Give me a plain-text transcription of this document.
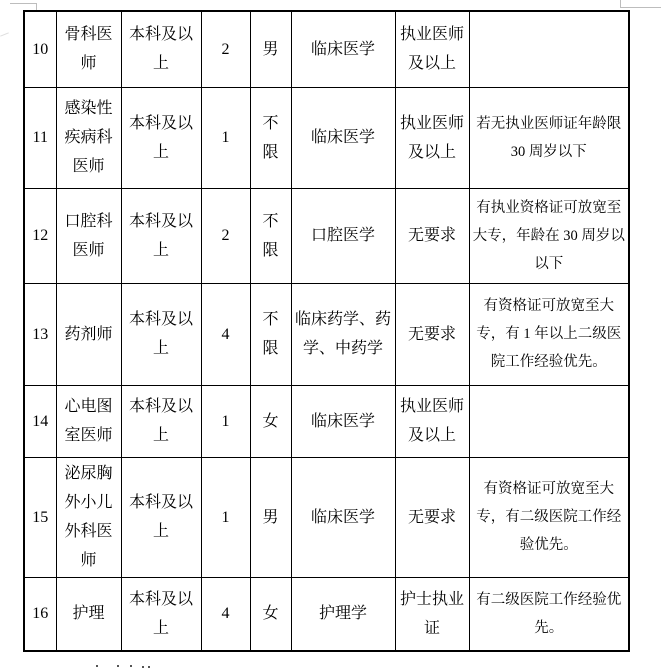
10	骨科医师	本科及以上	2	男	临床医学	执业医师及以上	
11	感染性疾病科医师	本科及以上	1	不限	临床医学	执业医师及以上	若无执业医师证年龄限 30 周岁以下
12	口腔科医师	本科及以上	2	不限	口腔医学	无要求	有执业资格证可放宽至大专，年龄在 30 周岁以以下
13	药剂师	本科及以上	4	不限	临床药学、药学、中药学	无要求	有资格证可放宽至大专，有 1 年以上二级医院工作经验优先。
14	心电图室医师	本科及以上	1	女	临床医学	执业医师及以上	
15	泌尿胸外小儿外科医师	本科及以上	1	男	临床医学	无要求	有资格证可放宽至大专，有二级医院工作经验优先。
16	护理	本科及以上	4	女	护理学	护士执业证	有二级医院工作经验优先。
